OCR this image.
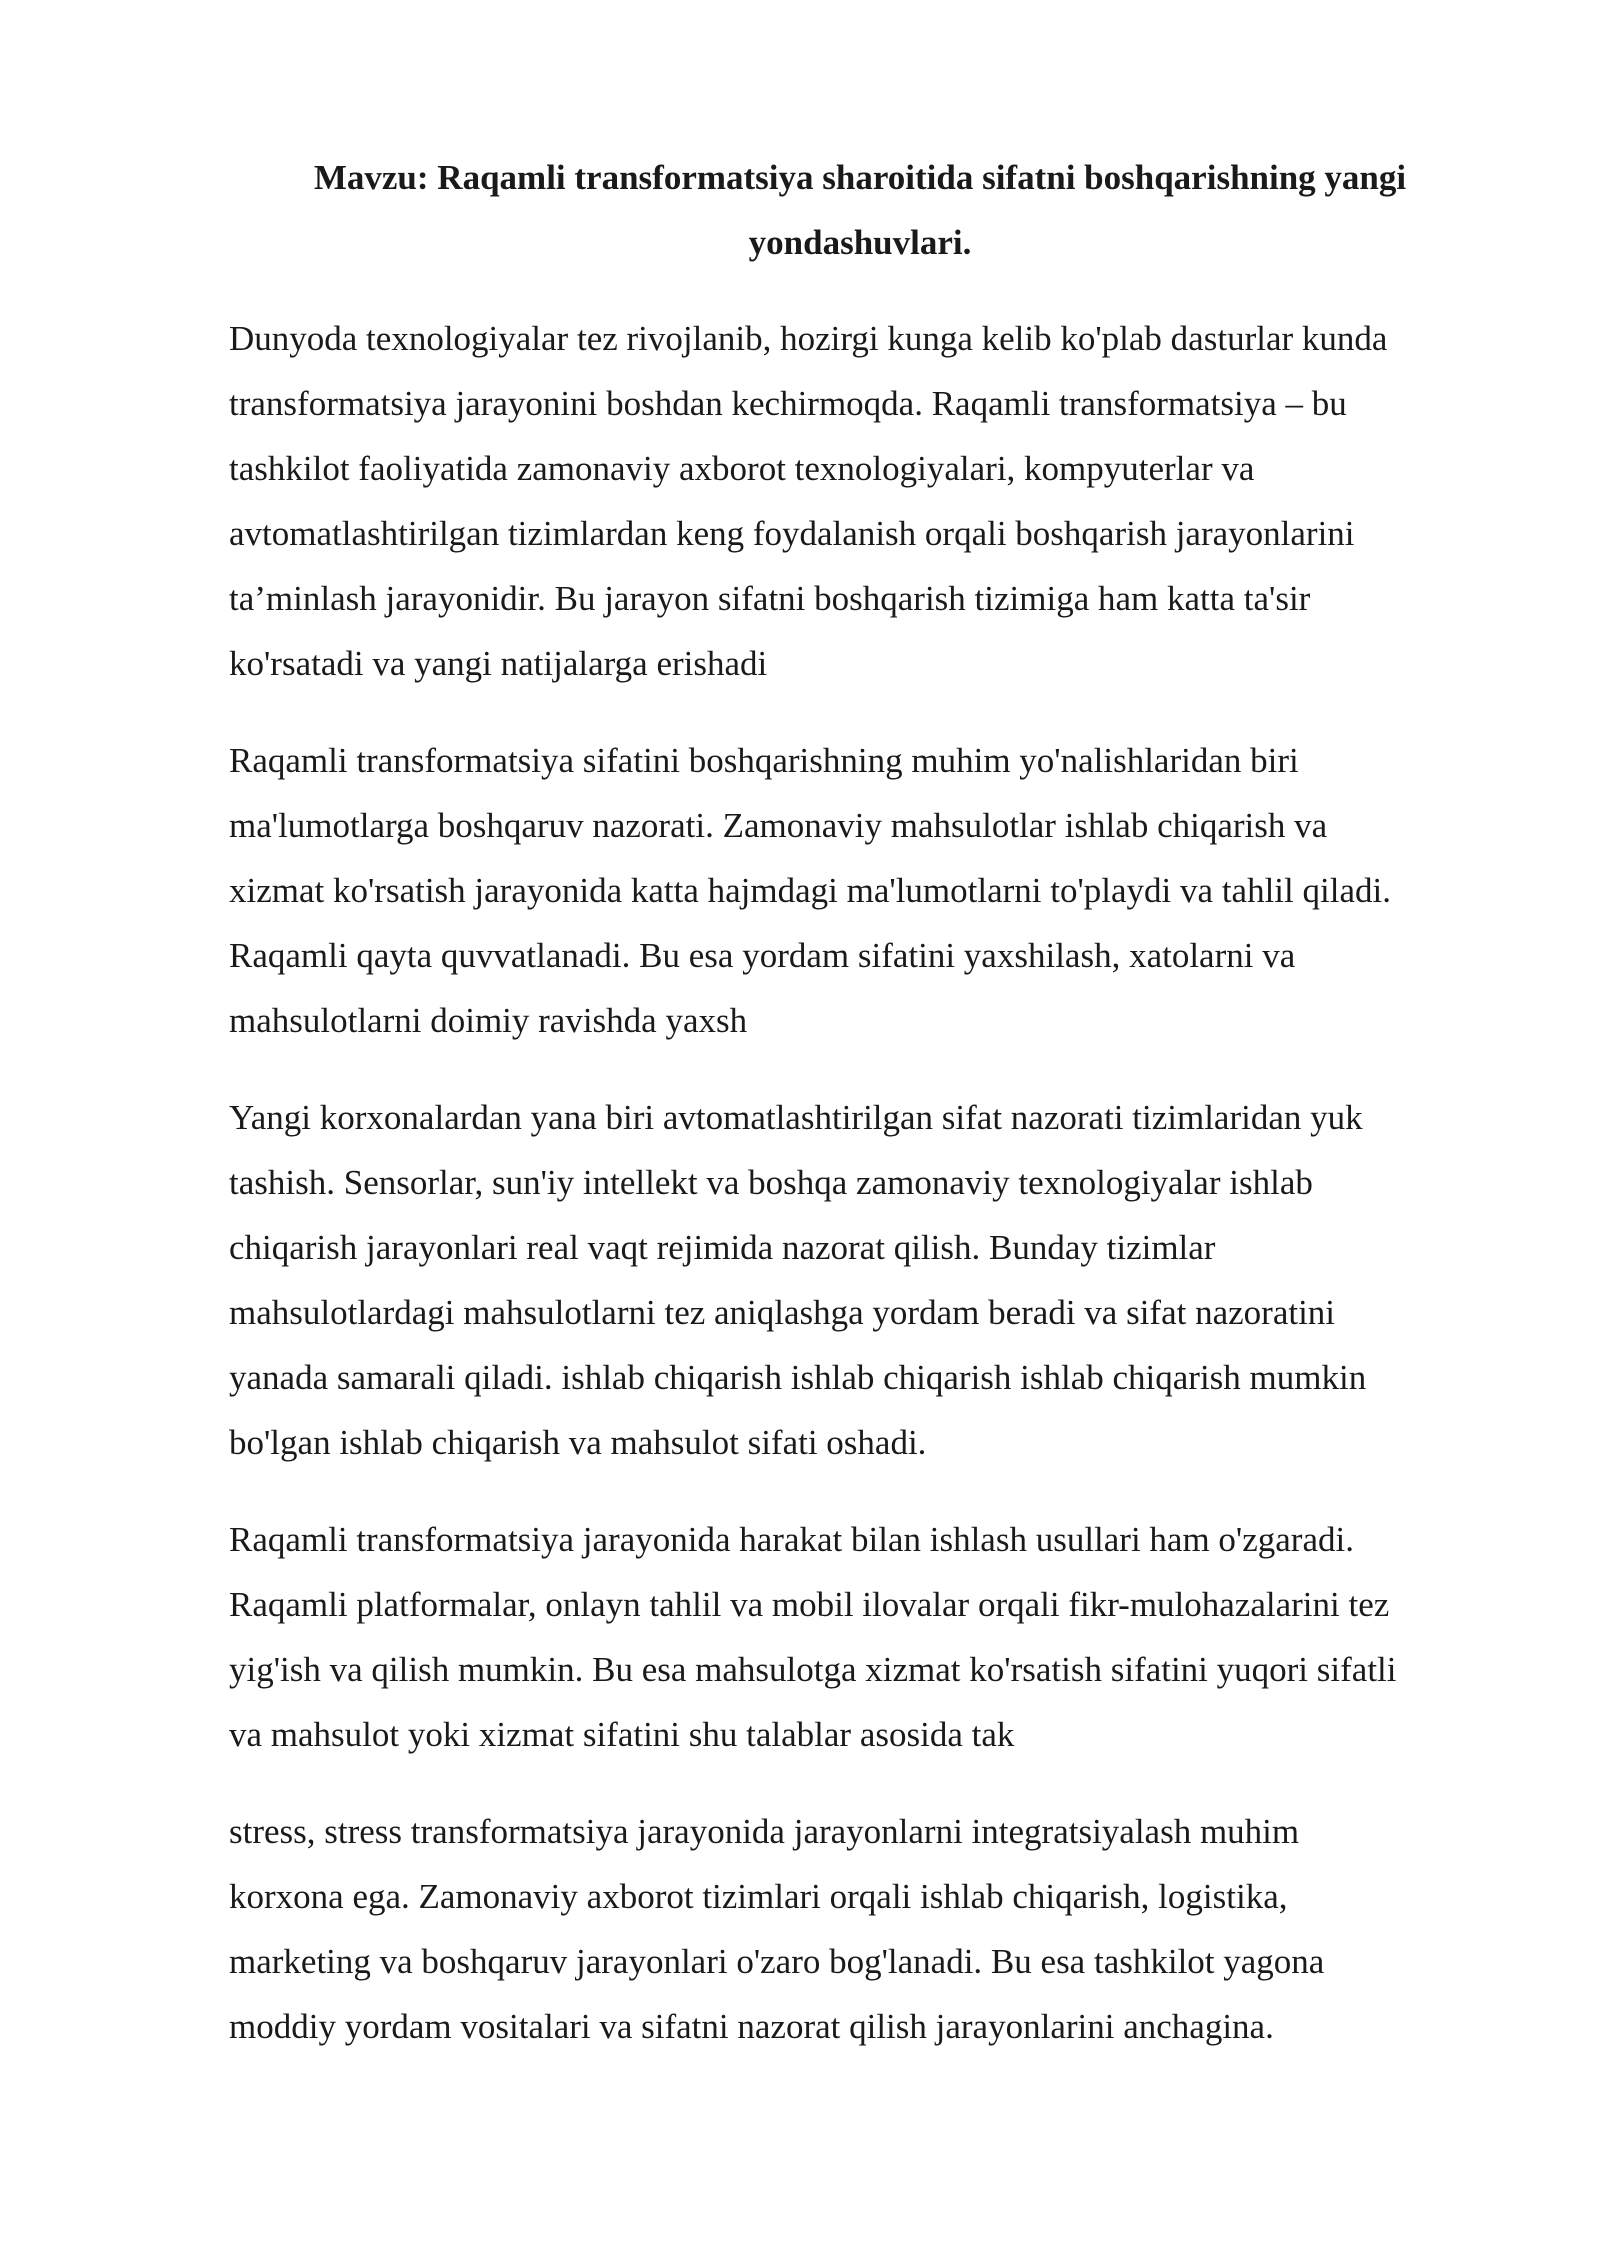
Mavzu: Raqamli transformatsiya sharoitida sifatni boshqarishning yangi yondashuvlari.

Dunyoda texnologiyalar tez rivojlanib, hozirgi kunga kelib ko'plab dasturlar kunda
transformatsiya jarayonini boshdan kechirmoqda. Raqamli transformatsiya – bu
tashkilot faoliyatida zamonaviy axborot texnologiyalari, kompyuterlar va
avtomatlashtirilgan tizimlardan keng foydalanish orqali boshqarish jarayonlarini
ta’minlash jarayonidir. Bu jarayon sifatni boshqarish tizimiga ham katta ta'sir
ko'rsatadi va yangi natijalarga erishadi

Raqamli transformatsiya sifatini boshqarishning muhim yo'nalishlaridan biri
ma'lumotlarga boshqaruv nazorati. Zamonaviy mahsulotlar ishlab chiqarish va
xizmat ko'rsatish jarayonida katta hajmdagi ma'lumotlarni to'playdi va tahlil qiladi.
Raqamli qayta quvvatlanadi. Bu esa yordam sifatini yaxshilash, xatolarni va
mahsulotlarni doimiy ravishda yaxsh

Yangi korxonalardan yana biri avtomatlashtirilgan sifat nazorati tizimlaridan yuk
tashish. Sensorlar, sun'iy intellekt va boshqa zamonaviy texnologiyalar ishlab
chiqarish jarayonlari real vaqt rejimida nazorat qilish. Bunday tizimlar
mahsulotlardagi mahsulotlarni tez aniqlashga yordam beradi va sifat nazoratini
yanada samarali qiladi. ishlab chiqarish ishlab chiqarish ishlab chiqarish mumkin
bo'lgan ishlab chiqarish va mahsulot sifati oshadi.

Raqamli transformatsiya jarayonida harakat bilan ishlash usullari ham o'zgaradi.
Raqamli platformalar, onlayn tahlil va mobil ilovalar orqali fikr-mulohazalarini tez
yig'ish va qilish mumkin. Bu esa mahsulotga xizmat ko'rsatish sifatini yuqori sifatli
va mahsulot yoki xizmat sifatini shu talablar asosida tak

stress, stress transformatsiya jarayonida jarayonlarni integratsiyalash muhim
korxona ega. Zamonaviy axborot tizimlari orqali ishlab chiqarish, logistika,
marketing va boshqaruv jarayonlari o'zaro bog'lanadi. Bu esa tashkilot yagona
moddiy yordam vositalari va sifatni nazorat qilish jarayonlarini anchagina.
